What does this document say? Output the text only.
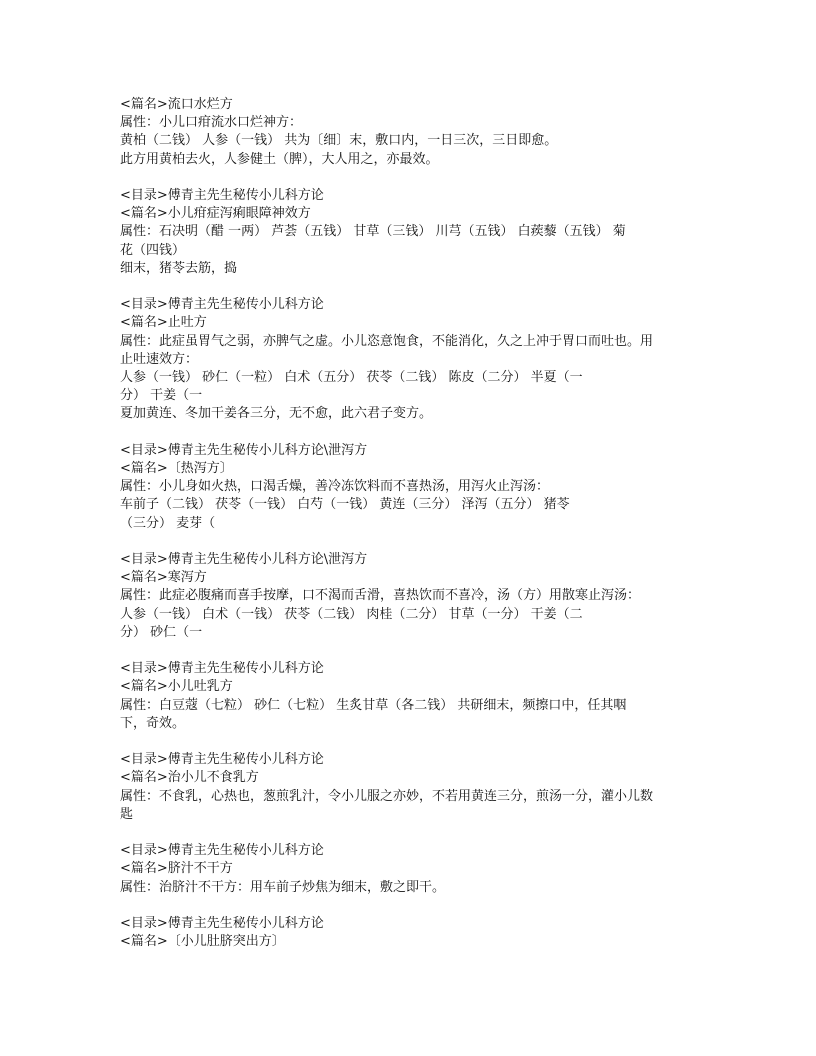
<篇名>流口水烂方
属性：小儿口疳流水口烂神方：
黄柏（二钱） 人参（一钱） 共为〔细〕末，敷口内，一日三次，三日即愈。
此方用黄柏去火，人参健土（脾），大人用之，亦最效。
<目录>傅青主先生秘传小儿科方论
<篇名>小儿疳症泻痢眼障神效方
属性：石决明（醋 一两） 芦荟（五钱） 甘草（三钱） 川芎（五钱） 白蒺藜（五钱） 菊
花（四钱）
细末，猪苓去筋，捣
<目录>傅青主先生秘传小儿科方论
<篇名>止吐方
属性：此症虽胃气之弱，亦脾气之虚。小儿恣意饱食，不能消化，久之上冲于胃口而吐也。用
止吐速效方：
人参（一钱） 砂仁（一粒） 白术（五分） 茯苓（二钱） 陈皮（二分） 半夏（一
分） 干姜（一
夏加黄连、冬加干姜各三分，无不愈，此六君子变方。
<目录>傅青主先生秘传小儿科方论\泄泻方
<篇名>〔热泻方〕
属性：小儿身如火热，口渴舌燥，善冷冻饮料而不喜热汤，用泻火止泻汤：
车前子（二钱） 茯苓（一钱） 白芍（一钱） 黄连（三分） 泽泻（五分） 猪苓
（三分） 麦芽（
<目录>傅青主先生秘传小儿科方论\泄泻方
<篇名>寒泻方
属性：此症必腹痛而喜手按摩，口不渴而舌滑，喜热饮而不喜冷，汤（方）用散寒止泻汤：
人参（一钱） 白术（一钱） 茯苓（二钱） 肉桂（二分） 甘草（一分） 干姜（二
分） 砂仁（一
<目录>傅青主先生秘传小儿科方论
<篇名>小儿吐乳方
属性：白豆蔻（七粒） 砂仁（七粒） 生炙甘草（各二钱） 共研细末，频擦口中，任其咽
下，奇效。
<目录>傅青主先生秘传小儿科方论
<篇名>治小儿不食乳方
属性：不食乳，心热也，葱煎乳汁，令小儿服之亦妙，不若用黄连三分，煎汤一分，灌小儿数
匙
<目录>傅青主先生秘传小儿科方论
<篇名>脐汁不干方
属性：治脐汁不干方：用车前子炒焦为细末，敷之即干。
<目录>傅青主先生秘传小儿科方论
<篇名>〔小儿肚脐突出方〕
